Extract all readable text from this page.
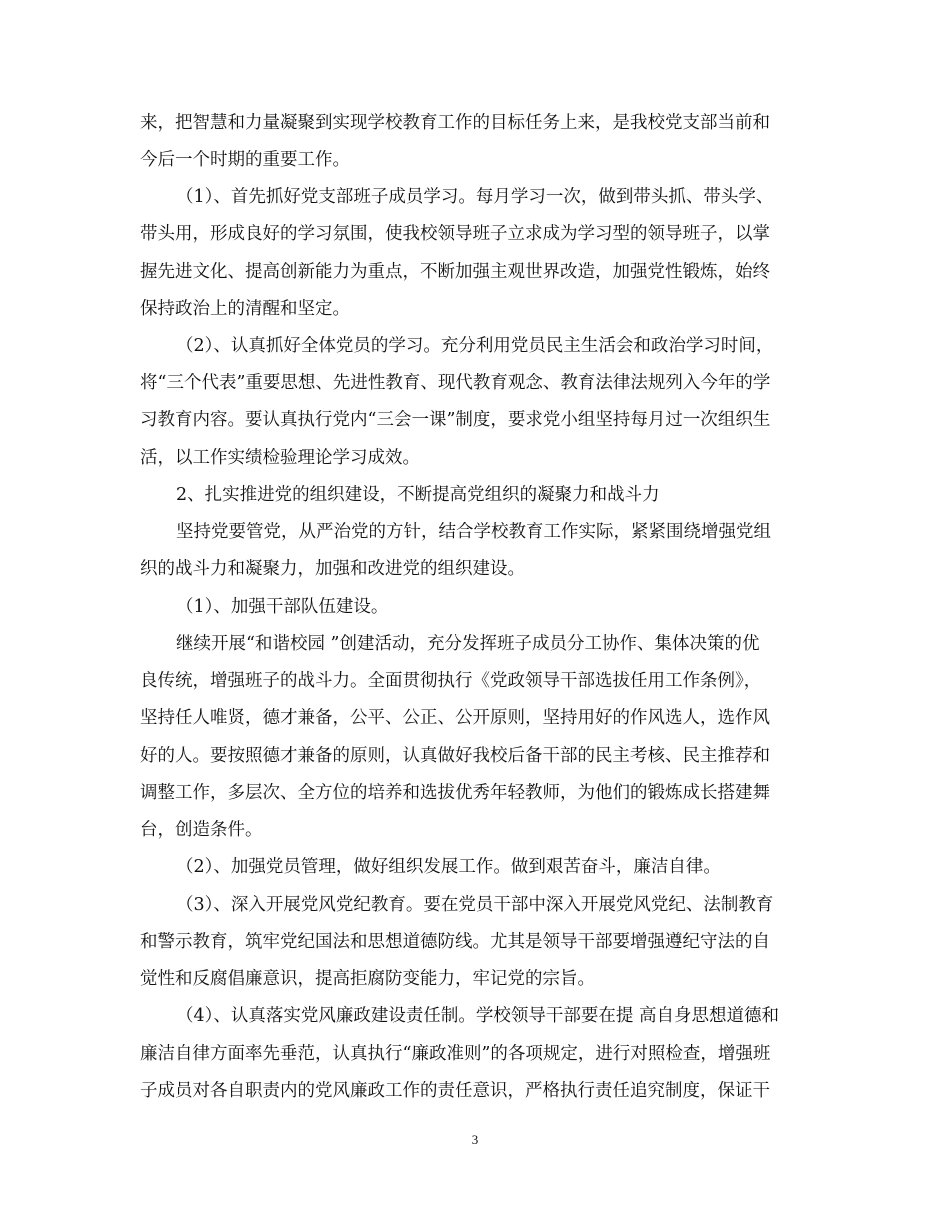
来，把智慧和力量凝聚到实现学校教育工作的目标任务上来，是我校党支部当前和
今后一个时期的重要工作。
（1）、首先抓好党支部班子成员学习。每月学习一次，做到带头抓、带头学、
带头用，形成良好的学习氛围，使我校领导班子立求成为学习型的领导班子，以掌
握先进文化、提高创新能力为重点，不断加强主观世界改造，加强党性锻炼，始终
保持政治上的清醒和坚定。
（2）、认真抓好全体党员的学习。充分利用党员民主生活会和政治学习时间，
将“三个代表”重要思想、先进性教育、现代教育观念、教育法律法规列入今年的学
习教育内容。要认真执行党内“三会一课”制度，要求党小组坚持每月过一次组织生
活，以工作实绩检验理论学习成效。
2、扎实推进党的组织建设，不断提高党组织的凝聚力和战斗力
坚持党要管党，从严治党的方针，结合学校教育工作实际，紧紧围绕增强党组
织的战斗力和凝聚力，加强和改进党的组织建设。
（1）、加强干部队伍建设。
继续开展“和谐校园 ”创建活动，充分发挥班子成员分工协作、集体决策的优
良传统，增强班子的战斗力。全面贯彻执行《党政领导干部选拔任用工作条例》，
坚持任人唯贤，德才兼备，公平、公正、公开原则，坚持用好的作风选人，选作风
好的人。要按照德才兼备的原则，认真做好我校后备干部的民主考核、民主推荐和
调整工作，多层次、全方位的培养和选拔优秀年轻教师，为他们的锻炼成长搭建舞
台，创造条件。
（2）、加强党员管理，做好组织发展工作。做到艰苦奋斗，廉洁自律。
（3）、深入开展党风党纪教育。要在党员干部中深入开展党风党纪、法制教育
和警示教育，筑牢党纪国法和思想道德防线。尤其是领导干部要增强遵纪守法的自
觉性和反腐倡廉意识，提高拒腐防变能力，牢记党的宗旨。
（4）、认真落实党风廉政建设责任制。学校领导干部要在提 高自身思想道德和
廉洁自律方面率先垂范，认真执行“廉政准则”的各项规定，进行对照检查，增强班
子成员对各自职责内的党风廉政工作的责任意识，严格执行责任追究制度，保证干
3
